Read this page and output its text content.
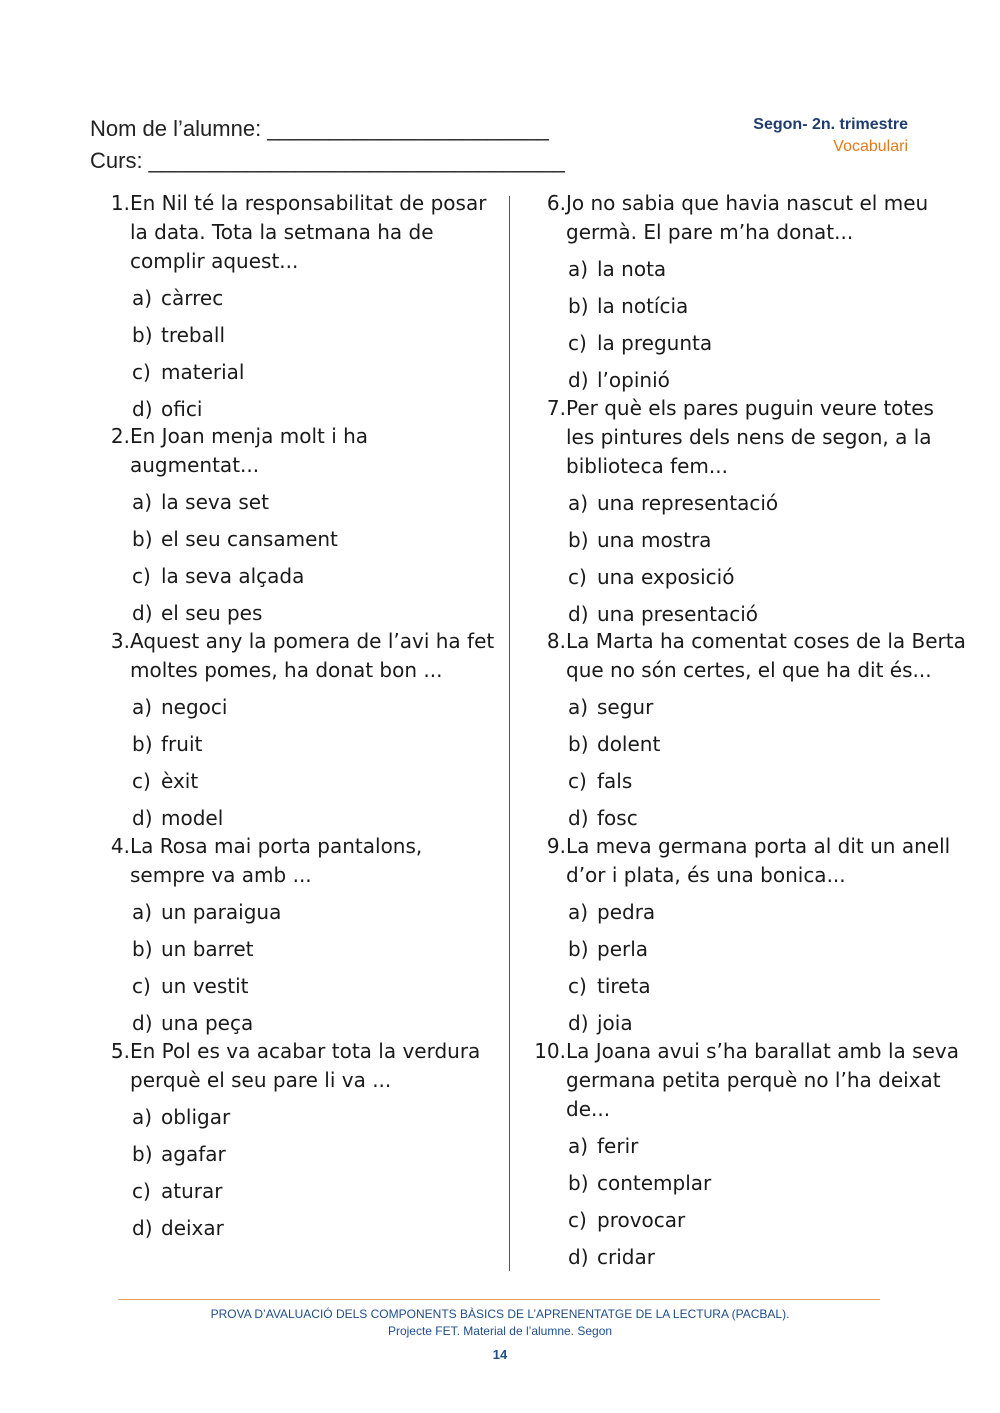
Nom de l’alumne: _______________________
Curs: __________________________________
Segon- 2n. trimestre
Vocabulari
1. En Nil té la responsabilitat de posar la data. Tota la setmana ha de complir aquest...
a) càrrec
b) treball
c) material
d) ofici
2. En Joan menja molt i ha augmentat...
a) la seva set
b) el seu cansament
c) la seva alçada
d) el seu pes
3. Aquest any la pomera de l’avi ha fet moltes pomes, ha donat bon ...
a) negoci
b) fruit
c) èxit
d) model
4. La Rosa mai porta pantalons, sempre va amb ...
a) un paraigua
b) un barret
c) un vestit
d) una peça
5. En Pol es va acabar tota la verdura perquè el seu pare li va ...
a) obligar
b) agafar
c) aturar
d) deixar
6. Jo no sabia que havia nascut el meu germà. El pare m’ha donat...
a) la nota
b) la notícia
c) la pregunta
d) l’opinió
7. Per què els pares puguin veure totes les pintures dels nens de segon, a la biblioteca fem...
a) una representació
b) una mostra
c) una exposició
d) una presentació
8. La Marta ha comentat coses de la Berta que no són certes, el que ha dit és...
a) segur
b) dolent
c) fals
d) fosc
9. La meva germana porta al dit un anell d’or i plata, és una bonica...
a) pedra
b) perla
c) tireta
d) joia
10. La Joana avui s’ha barallat amb la seva germana petita perquè no l’ha deixat de...
a) ferir
b) contemplar
c) provocar
d) cridar
PROVA D’AVALUACIÓ DELS COMPONENTS BÀSICS DE L’APRENENTATGE DE LA LECTURA (PACBAL).
Projecte FET. Material de l’alumne. Segon
14
